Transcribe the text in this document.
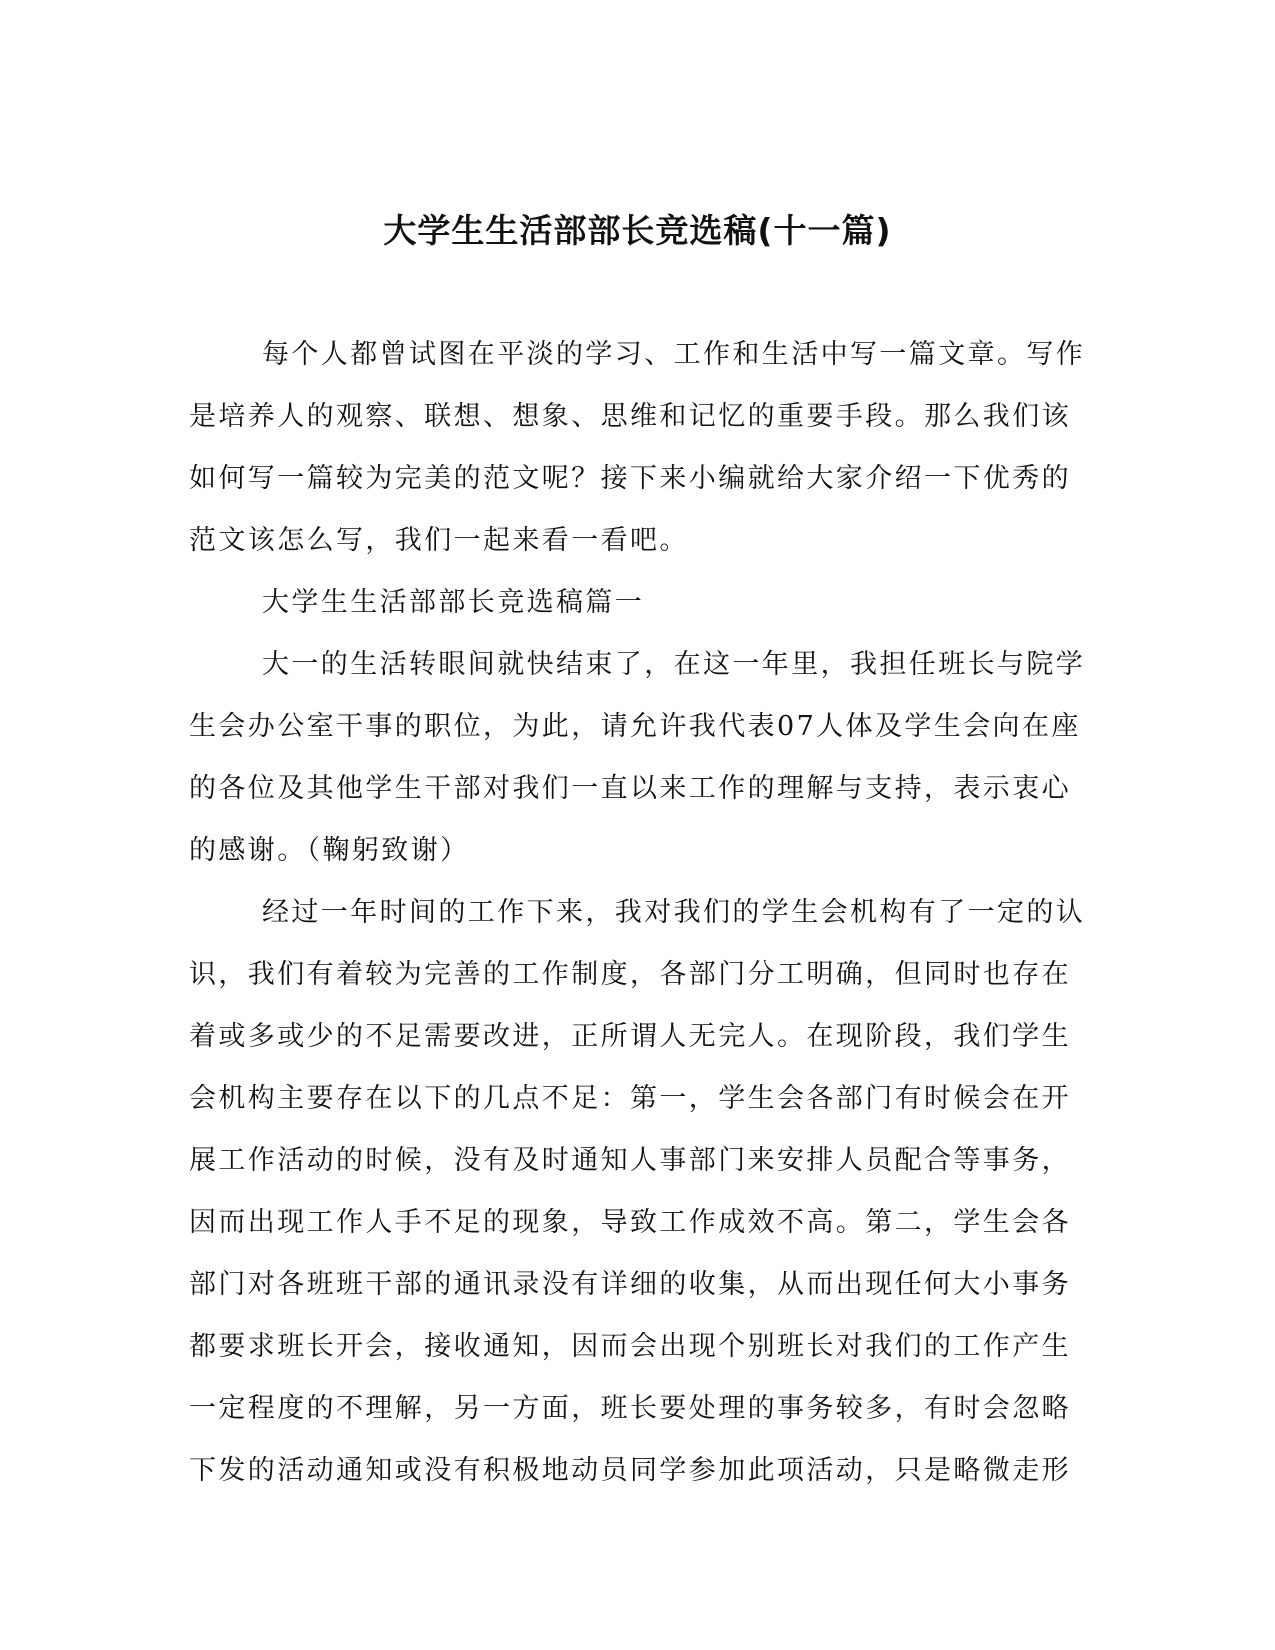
大学生生活部部长竞选稿(十一篇)
每个人都曾试图在平淡的学习、工作和生活中写一篇文章。写作
是培养人的观察、联想、想象、思维和记忆的重要手段。那么我们该
如何写一篇较为完美的范文呢？接下来小编就给大家介绍一下优秀的
范文该怎么写，我们一起来看一看吧。
大学生生活部部长竞选稿篇一
大一的生活转眼间就快结束了，在这一年里，我担任班长与院学
生会办公室干事的职位，为此，请允许我代表07人体及学生会向在座
的各位及其他学生干部对我们一直以来工作的理解与支持，表示衷心
的感谢。（鞠躬致谢）
经过一年时间的工作下来，我对我们的学生会机构有了一定的认
识，我们有着较为完善的工作制度，各部门分工明确，但同时也存在
着或多或少的不足需要改进，正所谓人无完人。在现阶段，我们学生
会机构主要存在以下的几点不足：第一，学生会各部门有时候会在开
展工作活动的时候，没有及时通知人事部门来安排人员配合等事务，
因而出现工作人手不足的现象，导致工作成效不高。第二，学生会各
部门对各班班干部的通讯录没有详细的收集，从而出现任何大小事务
都要求班长开会，接收通知，因而会出现个别班长对我们的工作产生
一定程度的不理解，另一方面，班长要处理的事务较多，有时会忽略
下发的活动通知或没有积极地动员同学参加此项活动，只是略微走形
